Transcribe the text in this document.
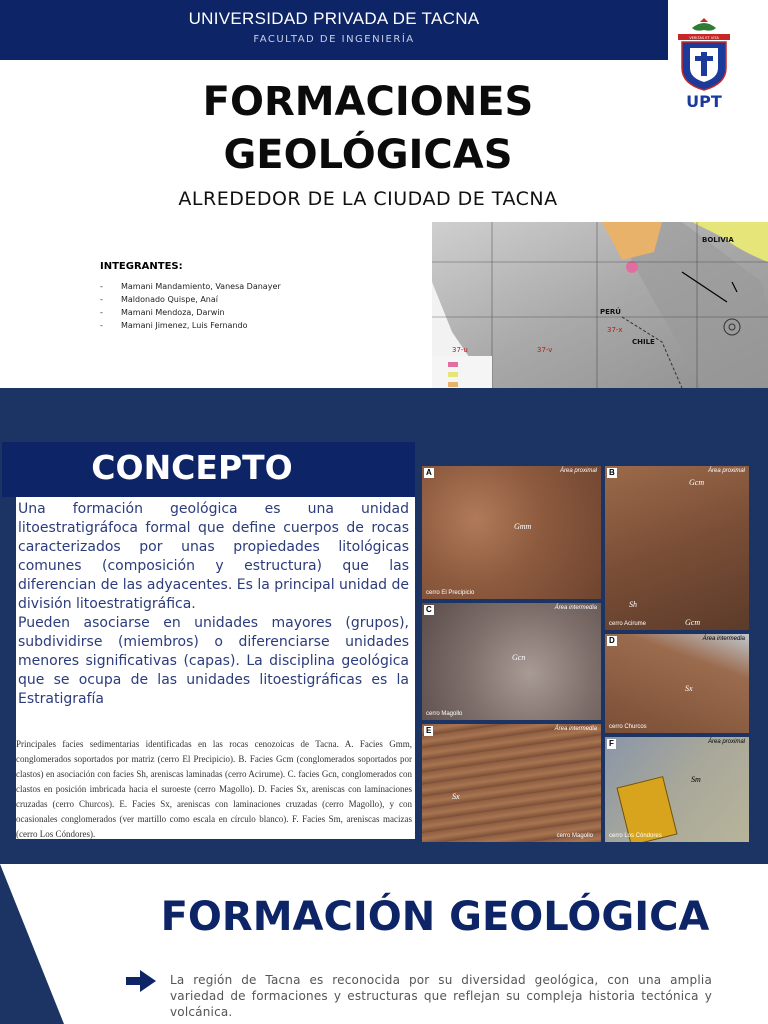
UNIVERSIDAD PRIVADA DE TACNA
FACULTAD DE INGENIERÍA	VERITAS ET VITA
UPT
FORMACIONES
GEOLÓGICAS
ALREDEDOR DE LA CIUDAD DE TACNA
INTEGRANTES:
- Mamani Mandamiento, Vanesa Danayer
- Maldonado Quispe, Anaí
- Mamani Mendoza, Darwin
- Mamani Jimenez, Luis Fernando
BOLIVIA
PERÚ
CHILE
37-u	37-v
37-x
CONCEPTO

Una formación geológica es una unidad litoestratigráfoca formal que define cuerpos de rocas caracterizados por unas propiedades litológicas comunes (composición y estructura) que las diferencian de las adyacentes. Es la principal unidad de división litoestratigráfica.

Pueden asociarse en unidades mayores (grupos), subdividirse (miembros) o diferenciarse unidades menores significativas (capas). La disciplina geológica que se ocupa de las unidades litoestigráficas es la Estratigrafía

Principales facies sedimentarias identificadas en las rocas cenozoicas de Tacna. A. Facies Gmm, conglomerados soportados por matriz (cerro El Precipicio). B. Facies Gcm (conglomerados soportados por clastos) en asociación con facies Sh, areniscas laminadas (cerro Acirume). C. facies Gcn, conglomerados con clastos en posición imbricada hacia el suroeste (cerro Magollo). D. Facies Sx, areniscas con laminaciones cruzadas (cerro Churcos). E. Facies Sx, areniscas con laminaciones cruzadas (cerro Magollo), y con ocasionales conglomerados (ver martillo como escala en círculo blanco). F. Facies Sm, areniscas macizas (cerro Los Cóndores).
A	Área proximal
Gmm
cerro El Precipicio
B	Área proximal
Gcm
Sh
Gcm
cerro Acirume
C	Área intermedia
Gcn
cerro Magollo
D	Área intermedia
Sx
cerro Churcos
E	Área intermedia
Sx
cerro Magollo
F	Área proximal
Sm
cerro Los Cóndores
FORMACIÓN GEOLÓGICA
La región de Tacna es reconocida por su diversidad geológica, con una amplia variedad de formaciones y estructuras que reflejan su compleja historia tectónica y volcánica.
